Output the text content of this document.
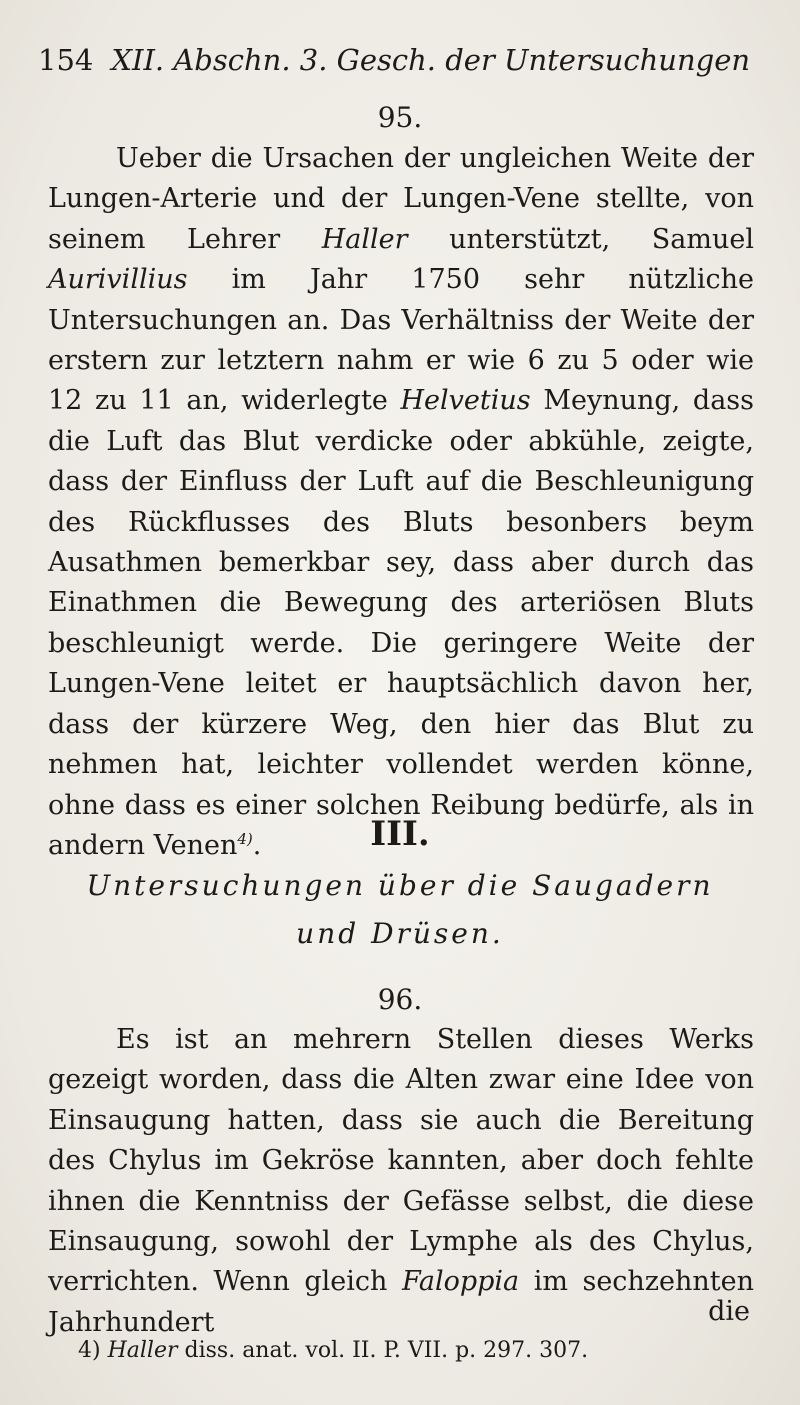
154 XII. Abschn. 3. Gesch. der Untersuchungen
95.

Ueber die Ursachen der ungleichen Weite der Lungen-Arterie und der Lungen-Vene stellte, von seinem Lehrer Haller unterstützt, Samuel Aurivillius im Jahr 1750 sehr nützliche Untersuchungen an. Das Verhältniss der Weite der erstern zur letztern nahm er wie 6 zu 5 oder wie 12 zu 11 an, widerlegte Helvetius Meynung, dass die Luft das Blut verdicke oder abkühle, zeigte, dass der Einfluss der Luft auf die Beschleunigung des Rückflusses des Bluts besonbers beym Ausathmen bemerkbar sey, dass aber durch das Einathmen die Bewegung des arteriösen Bluts beschleunigt werde. Die geringere Weite der Lungen-Vene leitet er hauptsächlich davon her, dass der kürzere Weg, den hier das Blut zu nehmen hat, leichter vollendet werden könne, ohne dass es einer solchen Reibung bedürfe, als in andern Venen$^{4)}$.	III.
Untersuchungen über die Saugadern
und Drüsen.
96.

Es ist an mehrern Stellen dieses Werks gezeigt worden, dass die Alten zwar eine Idee von Einsaugung hatten, dass sie auch die Bereitung des Chylus im Gekröse kannten, aber doch fehlte ihnen die Kenntniss der Gefässe selbst, die diese Einsaugung, sowohl der Lymphe als des Chylus, verrichten. Wenn gleich Faloppia im sechzehnten Jahrhundert	die
4) Haller diss. anat. vol. II. P. VII. p. 297. 307.
